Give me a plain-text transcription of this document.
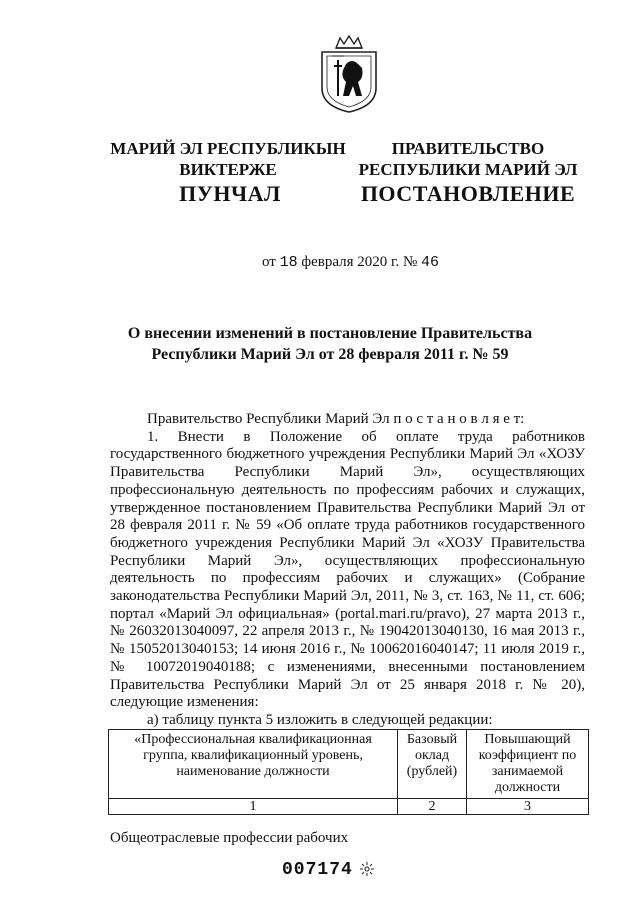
МАРИЙ ЭЛ РЕСПУБЛИКЫН
ВИКТЕРЖЕ
ПРАВИТЕЛЬСТВО
РЕСПУБЛИКИ МАРИЙ ЭЛ
ПУНЧАЛ	ПОСТАНОВЛЕНИЕ
от 18 февраля 2020 г. № 46
О внесении изменений в постановление Правительства
Республики Марий Эл от 28 февраля 2011 г. № 59

Правительство Республики Марий Эл п о с т а н о в л я е т:

1. Внести в Положение об оплате труда работников государственного бюджетного учреждения Республики Марий Эл «ХОЗУ Правительства Республики Марий Эл», осуществляющих профессиональную деятельность по профессиям рабочих и служащих, утвержденное постановлением Правительства Республики Марий Эл от 28 февраля 2011 г. № 59 «Об оплате труда работников государственного бюджетного учреждения Республики Марий Эл «ХОЗУ Правительства Республики Марий Эл», осуществляющих профессиональную деятельность по профессиям рабочих и служащих» (Собрание законодательства Республики Марий Эл, 2011, № 3, ст. 163, № 11, ст. 606; портал «Марий Эл официальная» (portal.mari.ru/pravo), 27 марта 2013 г., № 26032013040097, 22 апреля 2013 г., № 19042013040130, 16 мая 2013 г., № 15052013040153; 14 июня 2016 г., № 10062016040147; 11 июля 2019 г., № 10072019040188; с изменениями, внесенными постановлением Правительства Республики Марий Эл от 25 января 2018 г. № 20), следующие изменения:

а) таблицу пункта 5 изложить в следующей редакции:

«Профессиональная квалификационная группа, квалификационный уровень, наименование должности	Базовый оклад (рублей)	Повышающий коэффициент по занимаемой должности
1	2	3
Общеотраслевые профессии рабочих
007174
